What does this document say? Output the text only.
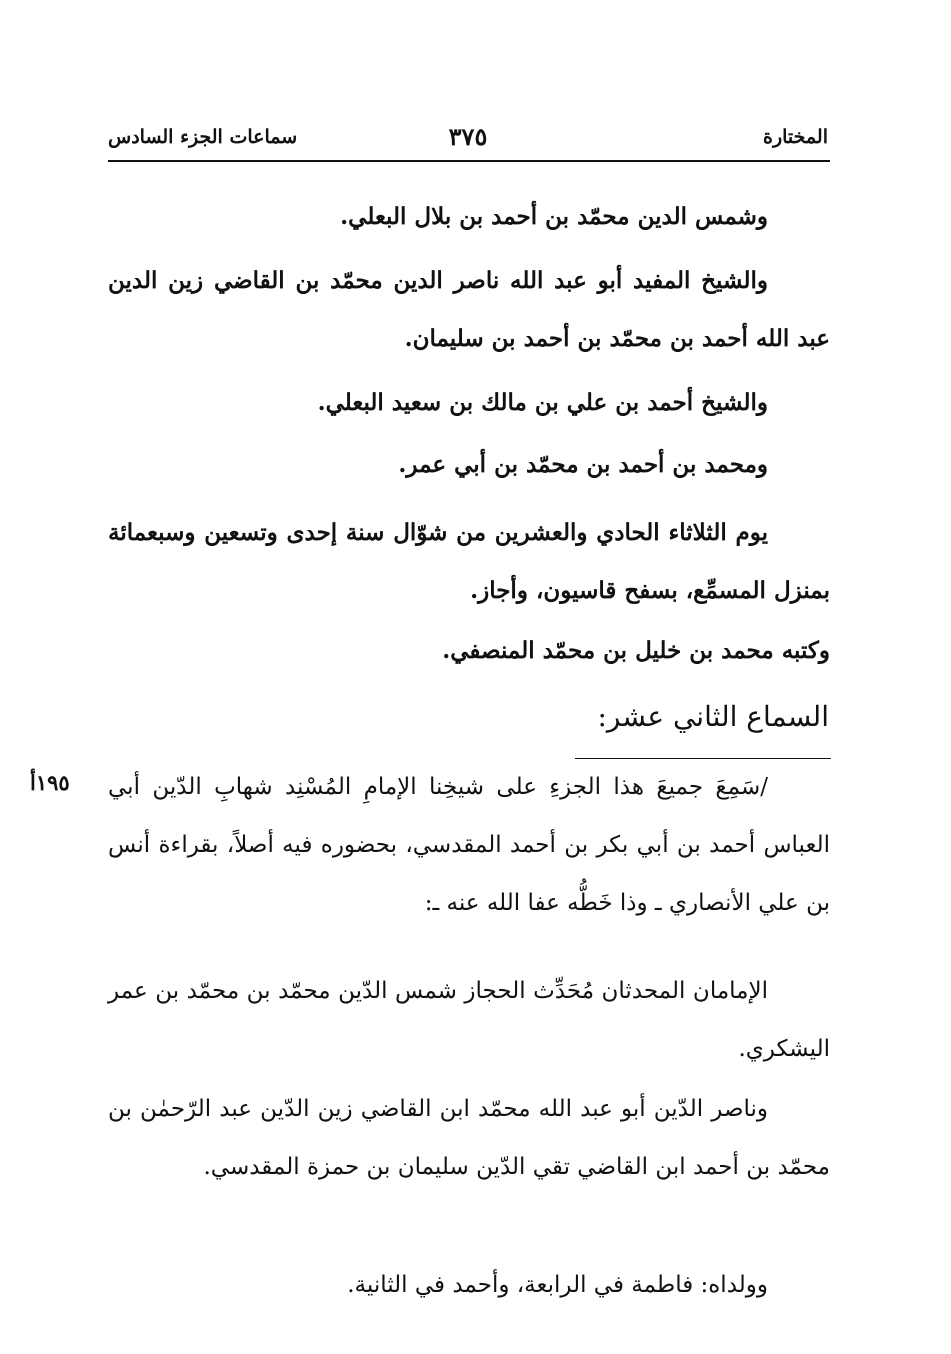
المختارة
٣٧٥
سماعات الجزء السادس

وشمس الدين محمّد بن أحمد بن بلال البعلي.

والشيخ المفيد أبو عبد الله ناصر الدين محمّد بن القاضي زين الدين عبد الله أحمد بن محمّد بن أحمد بن سليمان.

والشيخ أحمد بن علي بن مالك بن سعيد البعلي.

ومحمد بن أحمد بن محمّد بن أبي عمر.

يوم الثلاثاء الحادي والعشرين من شوّال سنة إحدى وتسعين وسبعمائة بمنزل المسمِّع، بسفح قاسيون، وأجاز.

وكتبه محمد بن خليل بن محمّد المنصفي.

السماع الثاني عشر:
١٩٥أ /سَمِعَ جميعَ هذا الجزءِ على شيخِنا الإمامِ المُسْنِد شهابِ الدّين أبي العباس أحمد بن أبي بكر بن أحمد المقدسي، بحضوره فيه أصلاً، بقراءة أنس بن علي الأنصاري ـ وذا خَطُّه عفا الله عنه ـ:

الإمامان المحدثان مُحَدِّث الحجاز شمس الدّين محمّد بن محمّد بن عمر اليشكري.

وناصر الدّين أبو عبد الله محمّد ابن القاضي زين الدّين عبد الرّحمٰن بن محمّد بن أحمد ابن القاضي تقي الدّين سليمان بن حمزة المقدسي.

وولداه: فاطمة في الرابعة، وأحمد في الثانية.
